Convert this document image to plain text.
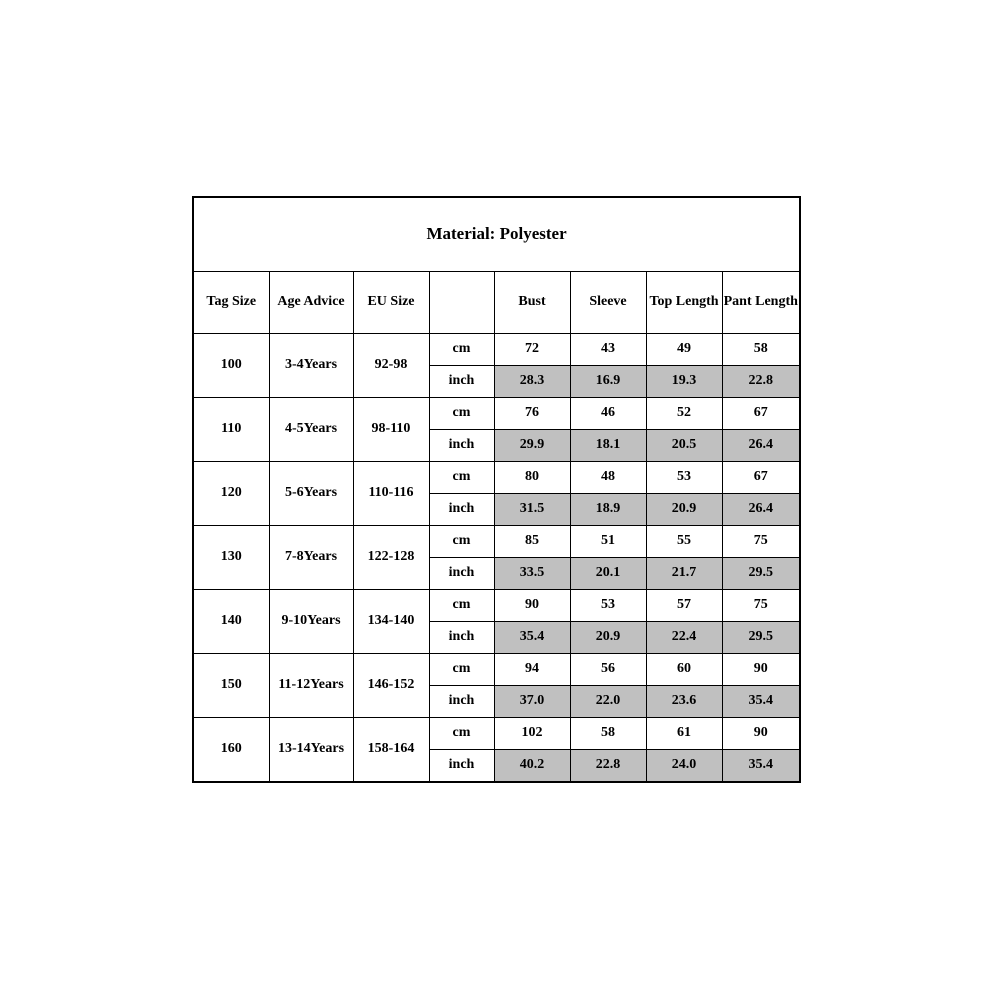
Material: Polyester							
Tag Size	Age Advice	EU Size		Bust	Sleeve	Top Length	Pant Length
100	3-4Years	92-98	cm	72	43	49	58
			inch	28.3	16.9	19.3	22.8
110	4-5Years	98-110	cm	76	46	52	67
			inch	29.9	18.1	20.5	26.4
120	5-6Years	110-116	cm	80	48	53	67
			inch	31.5	18.9	20.9	26.4
130	7-8Years	122-128	cm	85	51	55	75
			inch	33.5	20.1	21.7	29.5
140	9-10Years	134-140	cm	90	53	57	75
			inch	35.4	20.9	22.4	29.5
150	11-12Years	146-152	cm	94	56	60	90
			inch	37.0	22.0	23.6	35.4
160	13-14Years	158-164	cm	102	58	61	90
			inch	40.2	22.8	24.0	35.4
